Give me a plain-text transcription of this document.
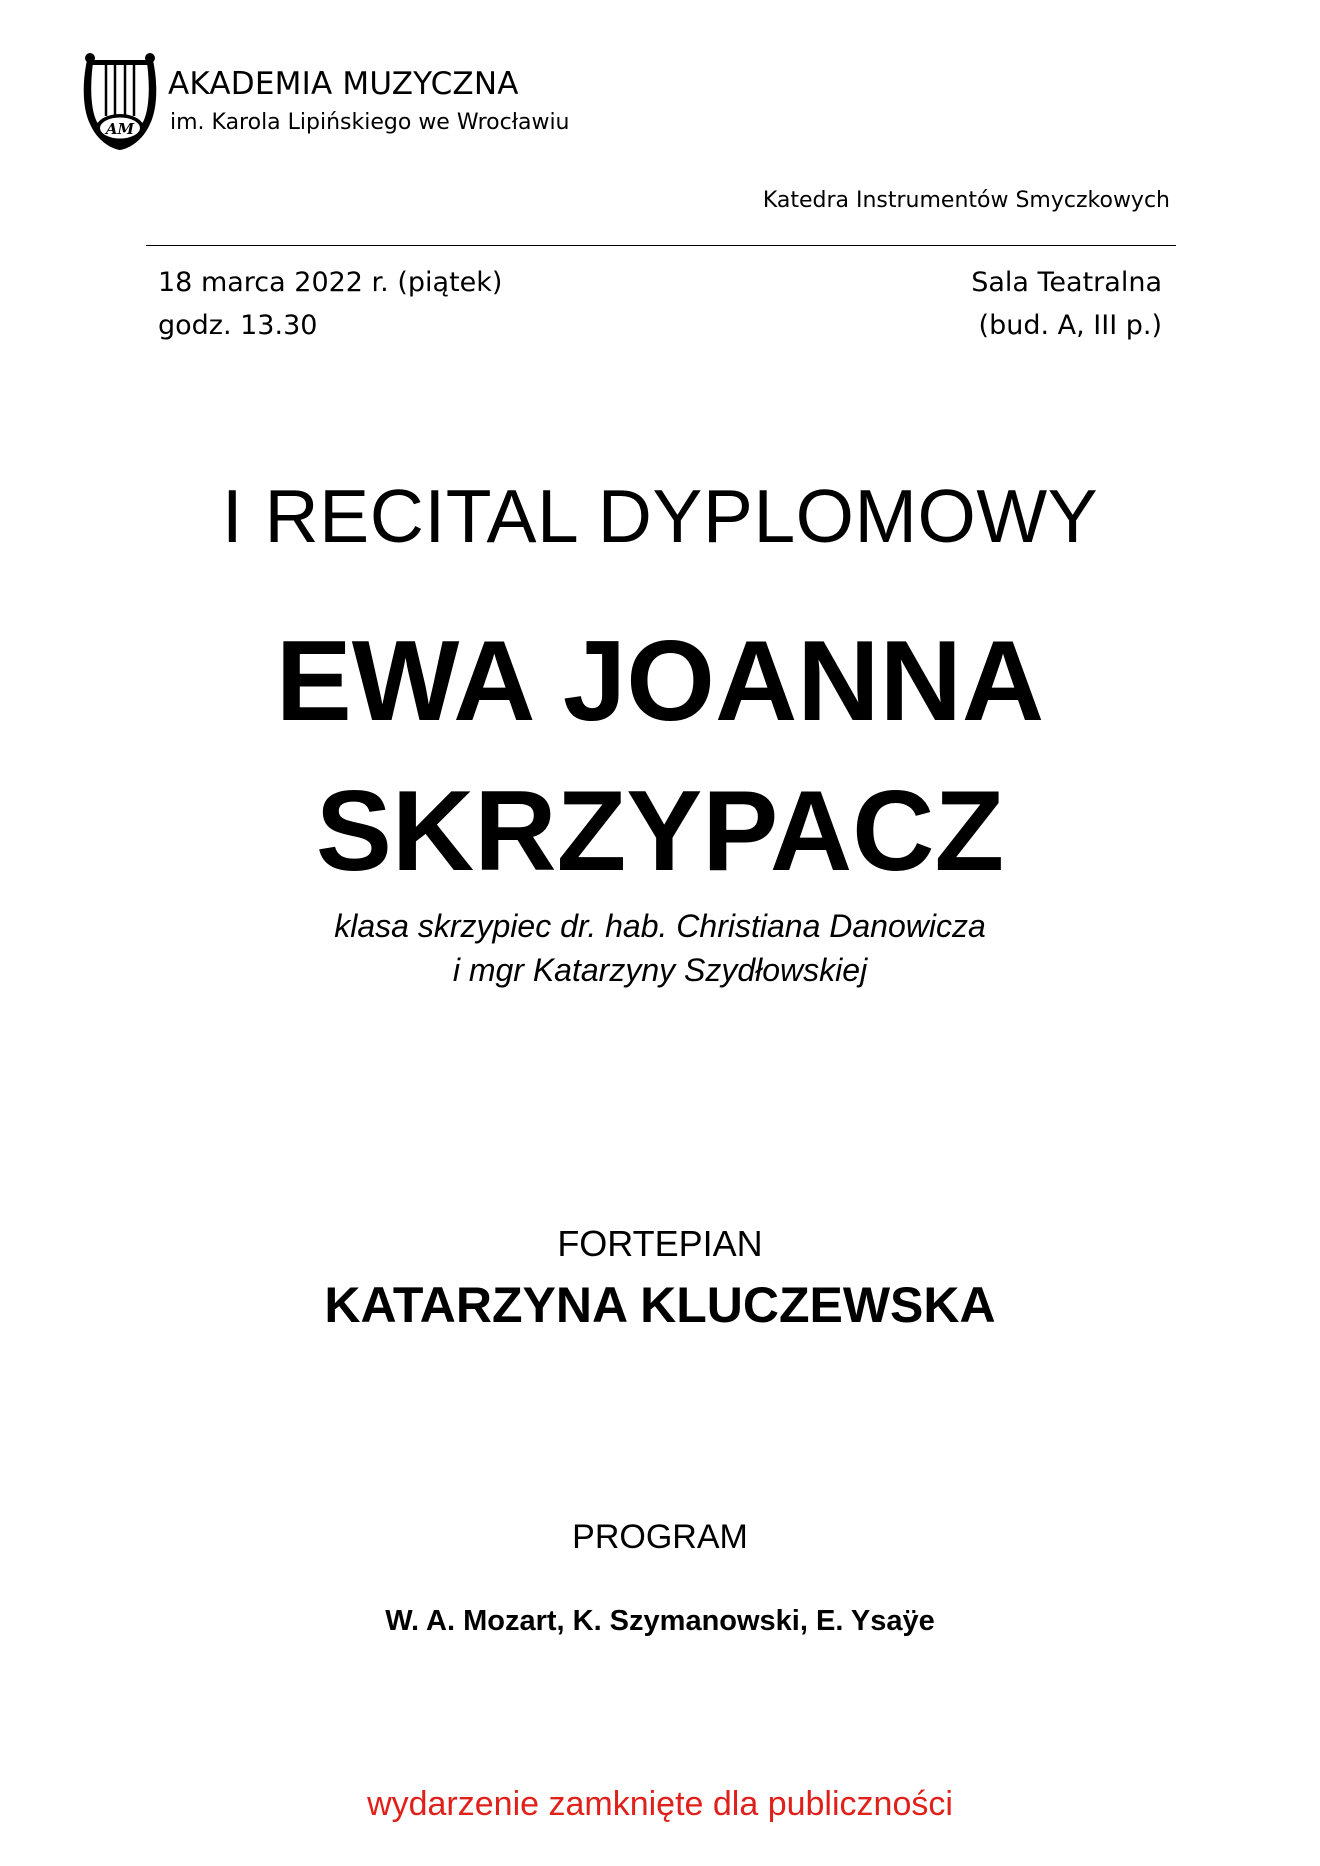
AM
AKADEMIA MUZYCZNA
im. Karola Lipińskiego we Wrocławiu
Katedra Instrumentów Smyczkowych
18 marca 2022 r. (piątek)
godz. 13.30
Sala Teatralna
(bud. A, III p.)
I RECITAL DYPLOMOWY
EWA JOANNA
SKRZYPACZ
klasa skrzypiec dr. hab. Christiana Danowicza
i mgr Katarzyny Szydłowskiej
FORTEPIAN
KATARZYNA KLUCZEWSKA
PROGRAM
W. A. Mozart, K. Szymanowski, E. Ysaÿe
wydarzenie zamknięte dla publiczności
